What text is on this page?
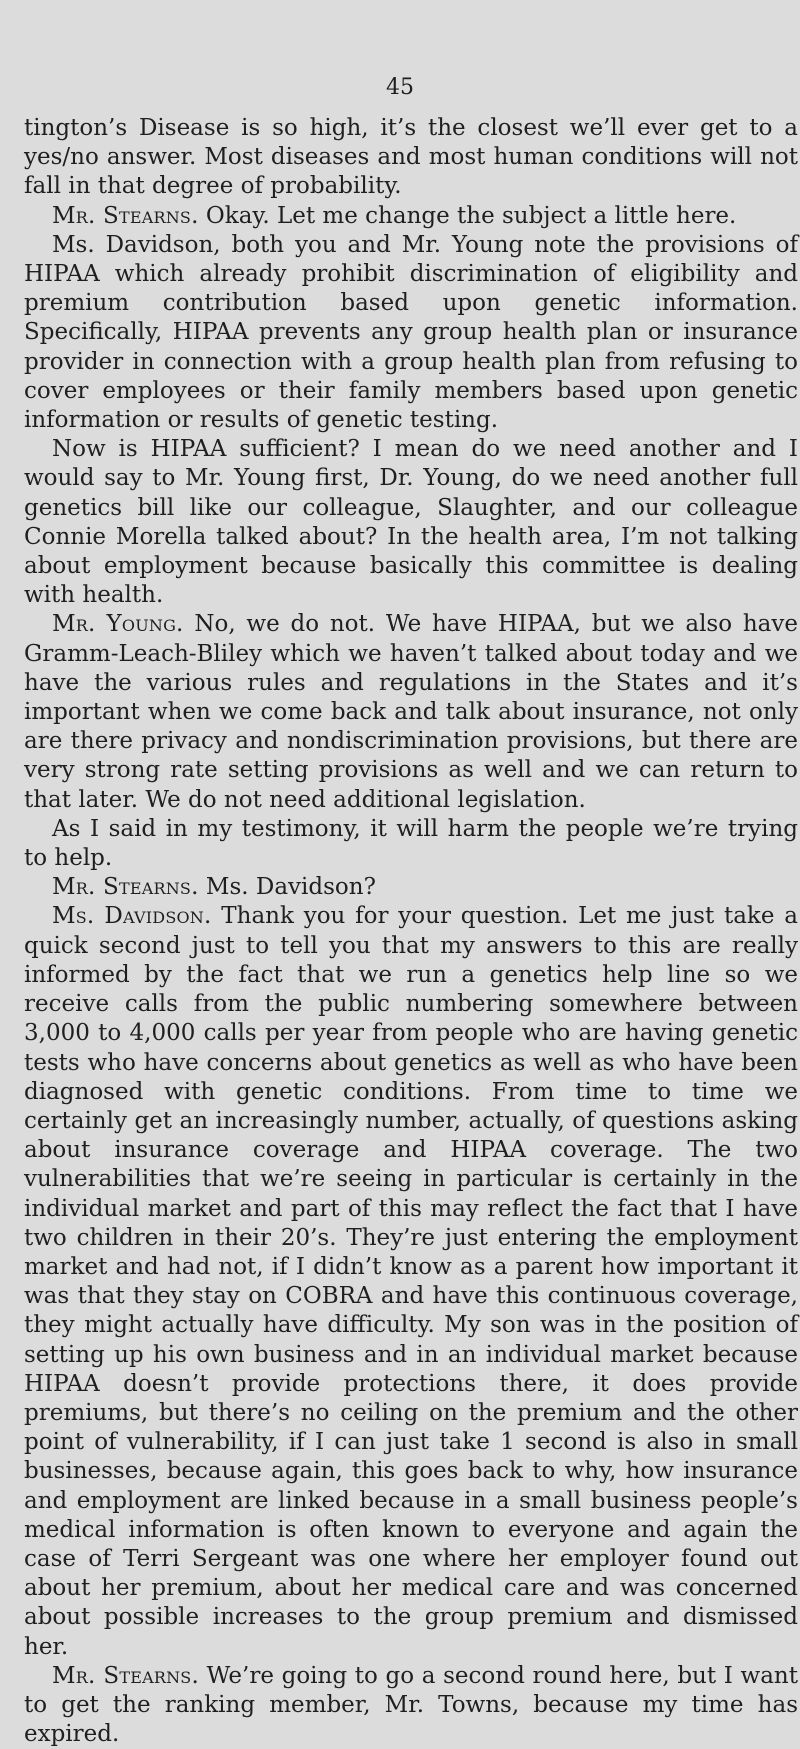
45

tington’s Disease is so high, it’s the closest we’ll ever get to a yes/no answer. Most diseases and most human conditions will not fall in that degree of probability.

Mr. Stearns. Okay. Let me change the subject a little here.

Ms. Davidson, both you and Mr. Young note the provisions of HIPAA which already prohibit discrimination of eligibility and premium contribution based upon genetic information. Specifically, HIPAA prevents any group health plan or insurance provider in connection with a group health plan from refusing to cover employees or their family members based upon genetic information or results of genetic testing.

Now is HIPAA sufficient? I mean do we need another and I would say to Mr. Young first, Dr. Young, do we need another full genetics bill like our colleague, Slaughter, and our colleague Connie Morella talked about? In the health area, I’m not talking about employment because basically this committee is dealing with health.

Mr. Young. No, we do not. We have HIPAA, but we also have Gramm-Leach-Bliley which we haven’t talked about today and we have the various rules and regulations in the States and it’s important when we come back and talk about insurance, not only are there privacy and nondiscrimination provisions, but there are very strong rate setting provisions as well and we can return to that later. We do not need additional legislation.

As I said in my testimony, it will harm the people we’re trying to help.

Mr. Stearns. Ms. Davidson?

Ms. Davidson. Thank you for your question. Let me just take a quick second just to tell you that my answers to this are really informed by the fact that we run a genetics help line so we receive calls from the public numbering somewhere between 3,000 to 4,000 calls per year from people who are having genetic tests who have concerns about genetics as well as who have been diagnosed with genetic conditions. From time to time we certainly get an increasingly number, actually, of questions asking about insurance coverage and HIPAA coverage. The two vulnerabilities that we’re seeing in particular is certainly in the individual market and part of this may reflect the fact that I have two children in their 20’s. They’re just entering the employment market and had not, if I didn’t know as a parent how important it was that they stay on COBRA and have this continuous coverage, they might actually have difficulty. My son was in the position of setting up his own business and in an individual market because HIPAA doesn’t provide protections there, it does provide premiums, but there’s no ceiling on the premium and the other point of vulnerability, if I can just take 1 second is also in small businesses, because again, this goes back to why, how insurance and employment are linked because in a small business people’s medical information is often known to everyone and again the case of Terri Sergeant was one where her employer found out about her premium, about her medical care and was concerned about possible increases to the group premium and dismissed her.

Mr. Stearns. We’re going to go a second round here, but I want to get the ranking member, Mr. Towns, because my time has expired.
